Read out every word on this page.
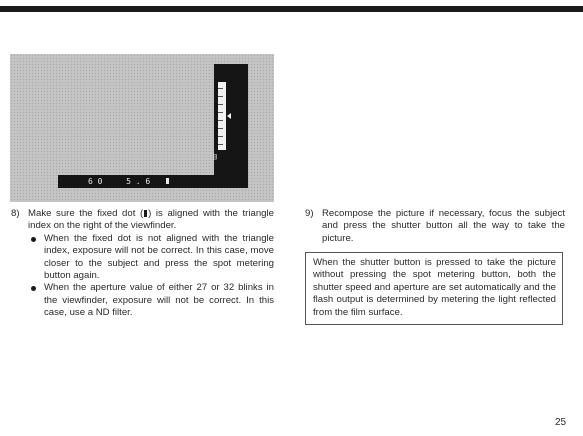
m
6 0	5 . 6
8) Make sure the fixed dot ( ) is aligned with the triangle index on the right of the viewfinder.
When the fixed dot is not aligned with the triangle index, exposure will not be correct. In this case, move closer to the subject and press the spot metering button again.
When the aperture value of either 27 or 32 blinks in the viewfinder, exposure will not be correct. In this case, use a ND filter.
9) Recompose the picture if necessary, focus the subject and press the shutter button all the way to take the picture.
When the shutter button is pressed to take the picture without pressing the spot metering button, both the shutter speed and aperture are set automatically and the flash output is determined by metering the light reflected from the film surface.
25
